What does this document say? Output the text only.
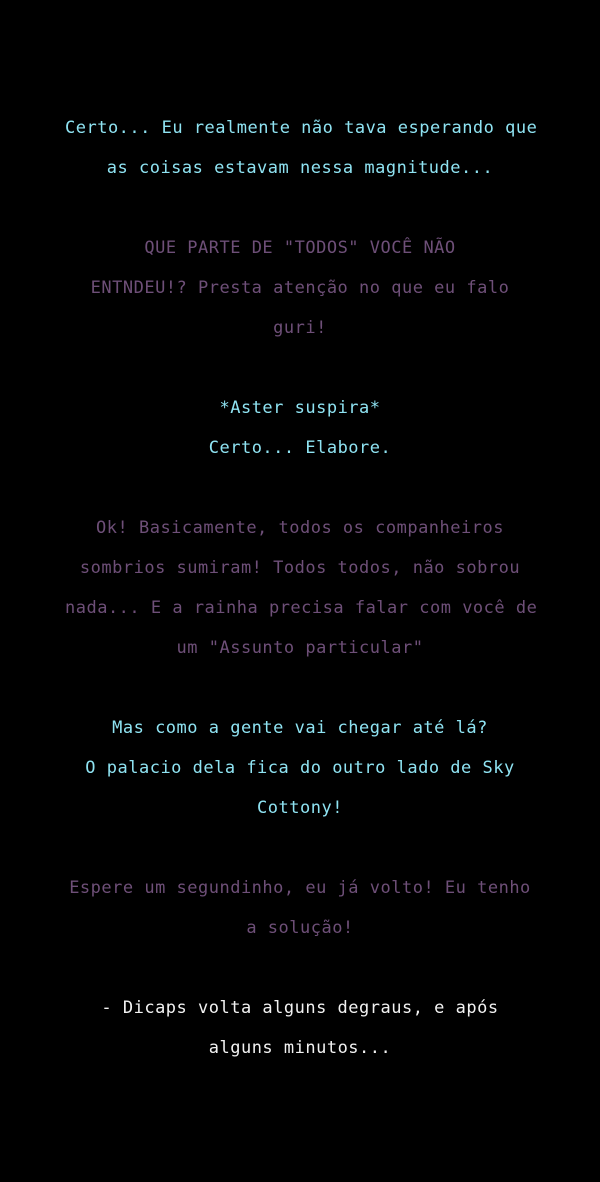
Certo... Eu realmente não tava esperando que
as coisas estavam nessa magnitude...
QUE PARTE DE "TODOS" VOCÊ NÃO
ENTNDEU!? Presta atenção no que eu falo
guri!
*Aster suspira*
Certo... Elabore.
Ok! Basicamente, todos os companheiros
sombrios sumiram! Todos todos, não sobrou
nada... E a rainha precisa falar com você de
um "Assunto particular"
Mas como a gente vai chegar até lá?
O palacio dela fica do outro lado de Sky
Cottony!
Espere um segundinho, eu já volto! Eu tenho
a solução!
- Dicaps volta alguns degraus, e após
alguns minutos...
